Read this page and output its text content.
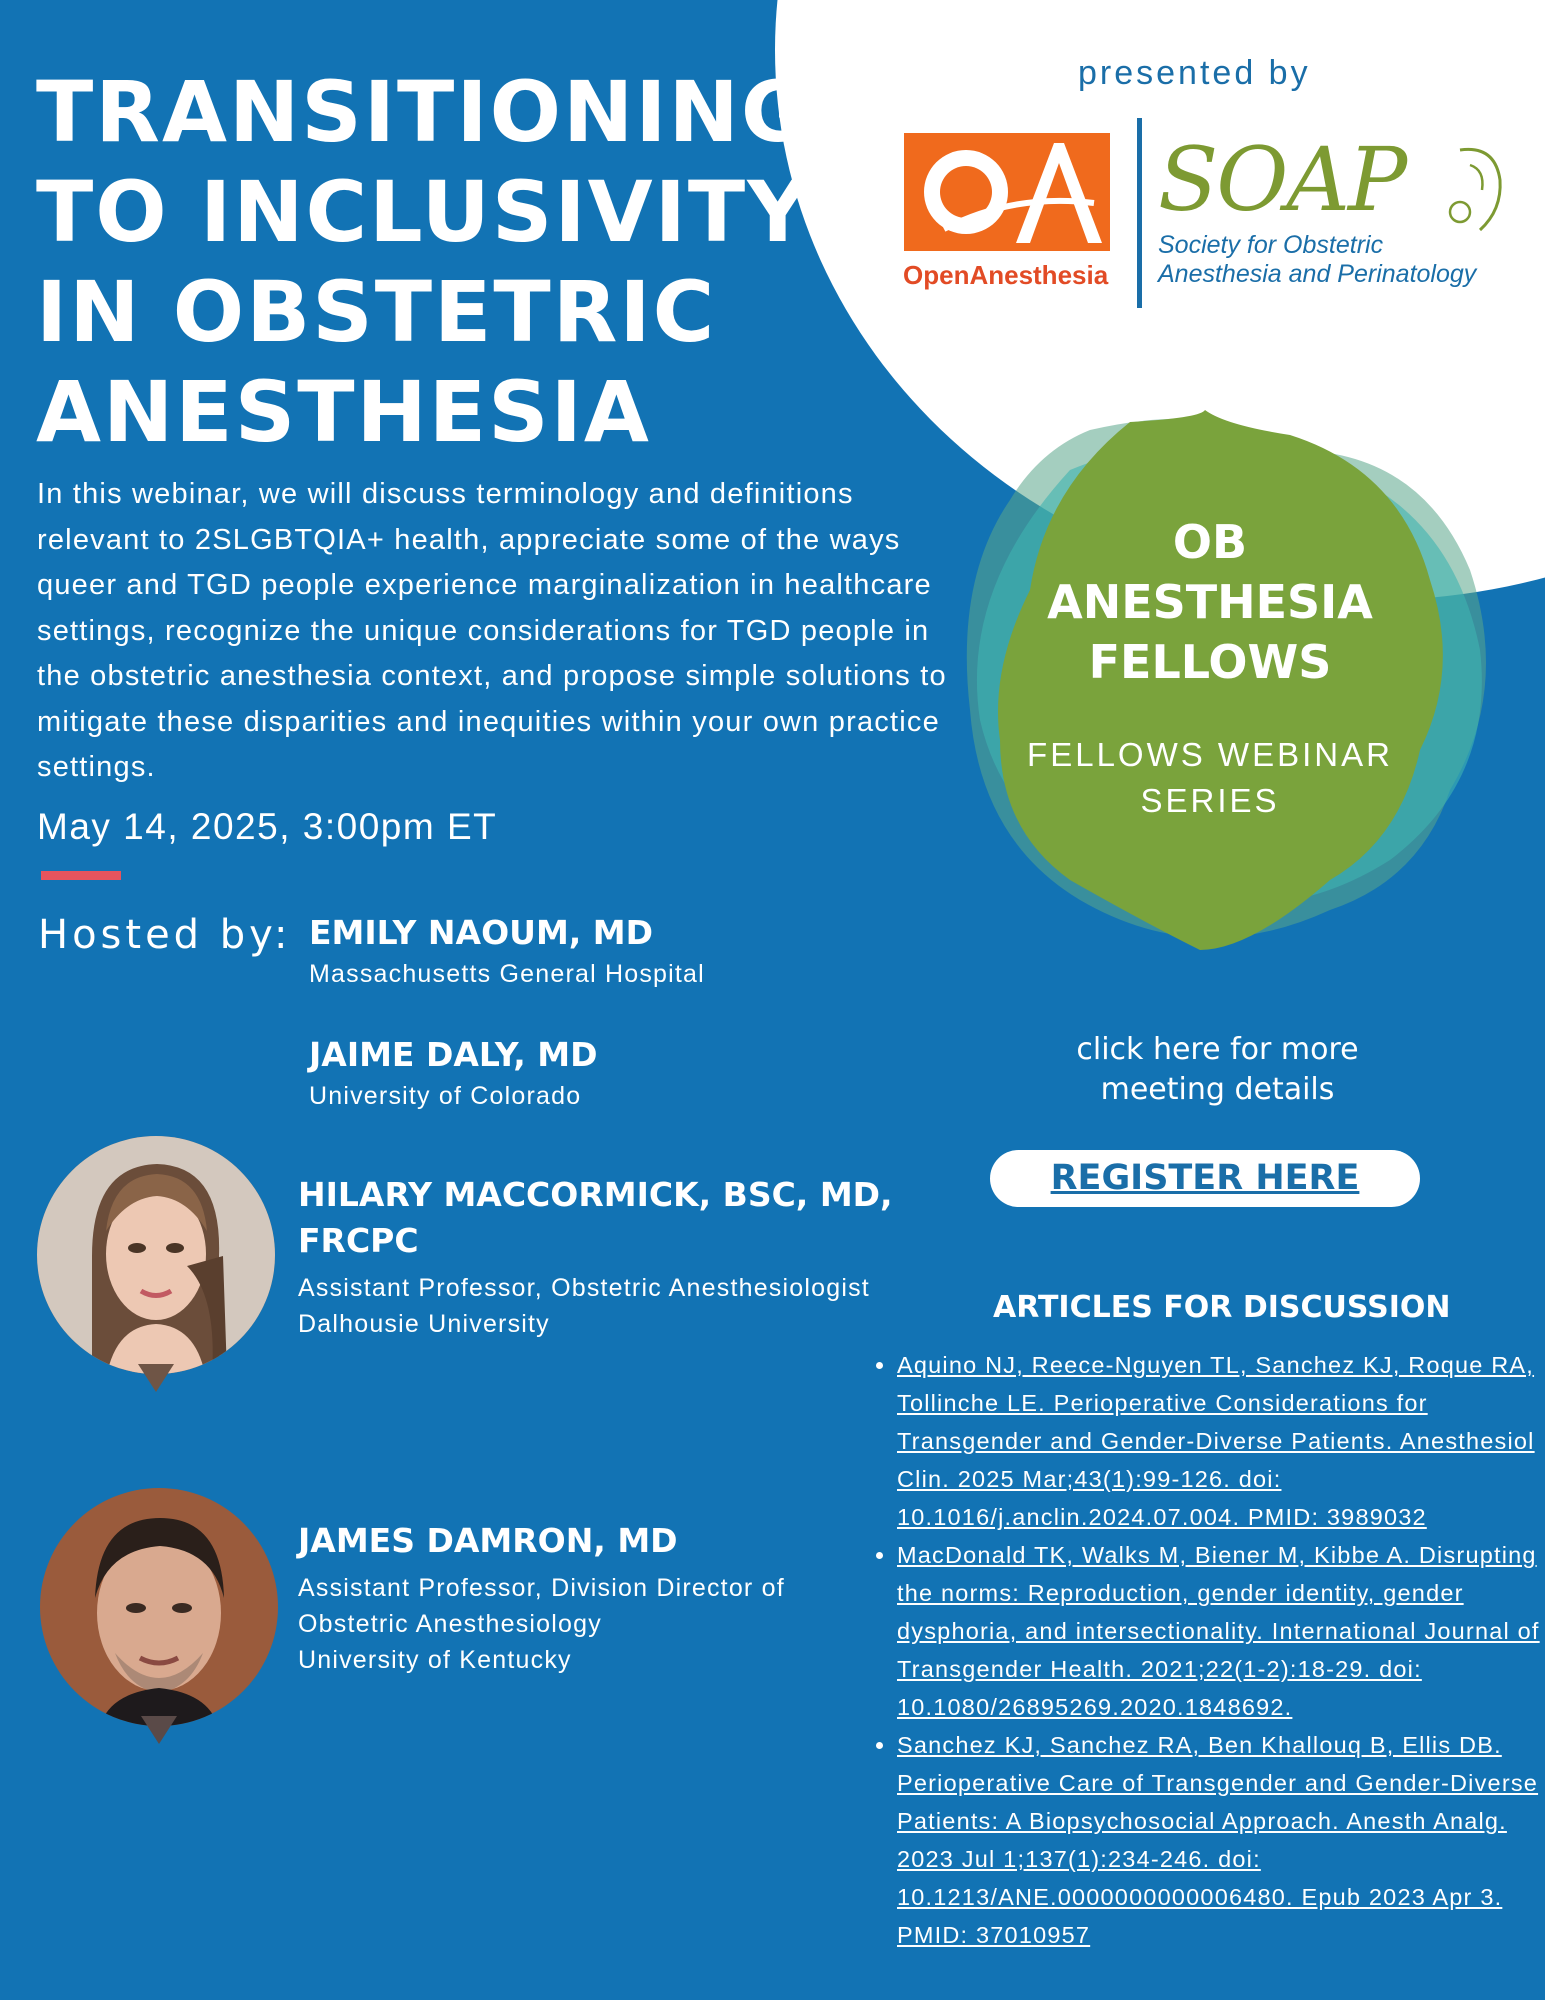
TRANSITIONING
TO INCLUSIVITY
IN OBSTETRIC
ANESTHESIA
In this webinar, we will discuss terminology and definitions relevant to 2SLGBTQIA+ health, appreciate some of the ways queer and TGD people experience marginalization in healthcare settings, recognize the unique considerations for TGD people in the obstetric anesthesia context, and propose simple solutions to mitigate these disparities and inequities within your own practice settings.
May 14, 2025, 3:00pm ET
Hosted by: EMILY NAOUM, MD
Massachusetts General Hospital
JAIME DALY, MD
University of Colorado
HILARY MACCORMICK, BSC, MD,
FRCPC
Assistant Professor, Obstetric Anesthesiologist
Dalhousie University
JAMES DAMRON, MD
Assistant Professor, Division Director of
Obstetric Anesthesiology
University of Kentucky
presented by
OpenAnesthesia
SOAP
Society for Obstetric
Anesthesia and Perinatology
OB
ANESTHESIA
FELLOWS
FELLOWS WEBINAR
SERIES
click here for more
meeting details
REGISTER HERE
ARTICLES FOR DISCUSSION
• Aquino NJ, Reece-Nguyen TL, Sanchez KJ, Roque RA, Tollinche LE. Perioperative Considerations for Transgender and Gender-Diverse Patients. Anesthesiol Clin. 2025 Mar;43(1):99-126. doi: 10.1016/j.anclin.2024.07.004. PMID: 3989032
• MacDonald TK, Walks M, Biener M, Kibbe A. Disrupting the norms: Reproduction, gender identity, gender dysphoria, and intersectionality. International Journal of Transgender Health. 2021;22(1-2):18-29. doi: 10.1080/26895269.2020.1848692.
• Sanchez KJ, Sanchez RA, Ben Khallouq B, Ellis DB. Perioperative Care of Transgender and Gender-Diverse Patients: A Biopsychosocial Approach. Anesth Analg. 2023 Jul 1;137(1):234-246. doi: 10.1213/ANE.0000000000006480. Epub 2023 Apr 3. PMID: 37010957
